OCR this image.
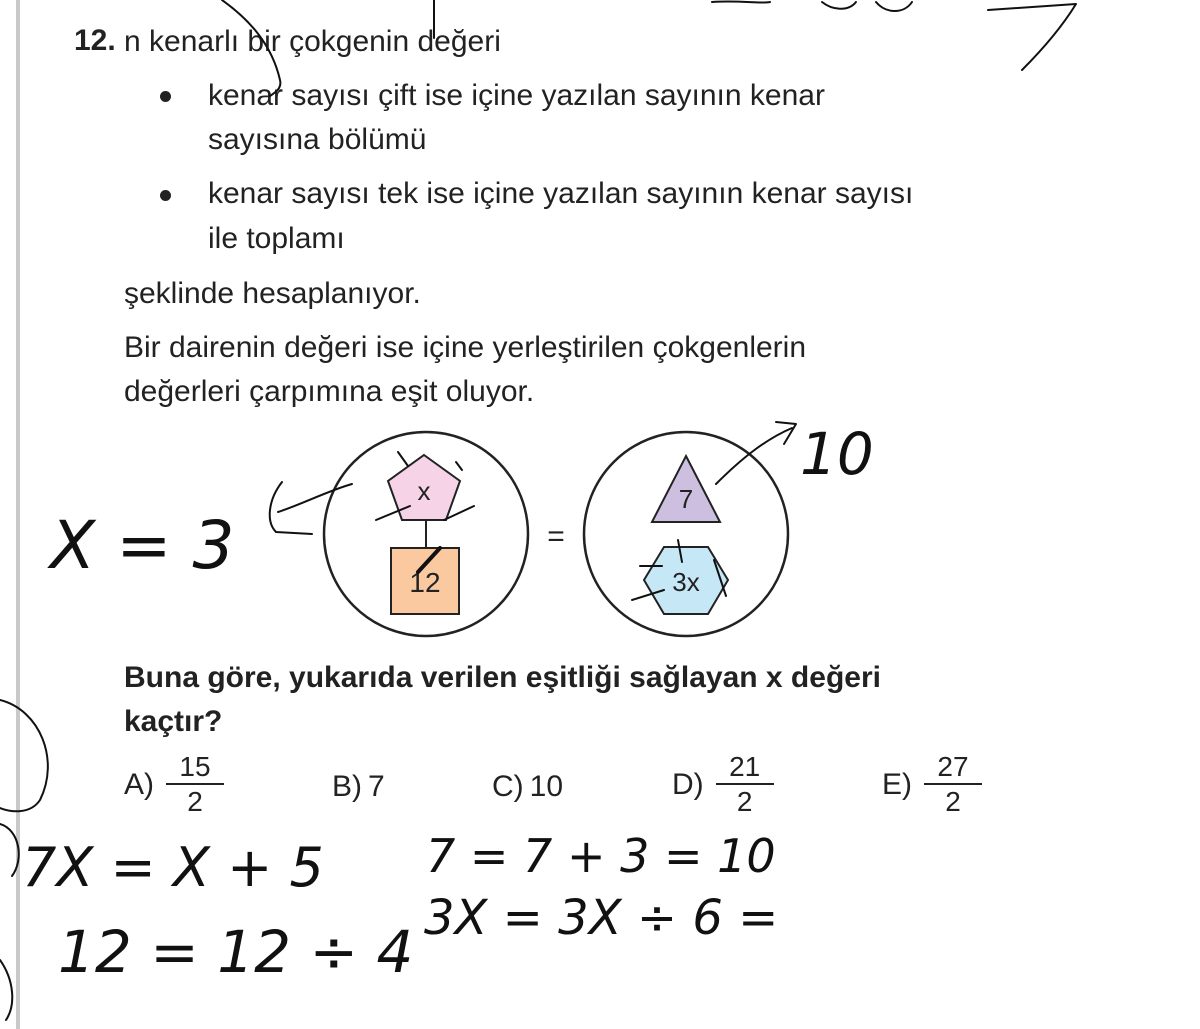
12. n kenarlı bir çokgenin değeri
kenar sayısı çift ise içine yazılan sayının kenar
sayısına bölümü
kenar sayısı tek ise içine yazılan sayının kenar sayısı
ile toplamı
şeklinde hesaplanıyor.
Bir dairenin değeri ise içine yerleştirilen çokgenlerin
değerleri çarpımına eşit oluyor.
x
12
=
7
3x
Buna göre, yukarıda verilen eşitliği sağlayan x değeri
kaçtır?
$A) \frac{15}{2}$	B) 7	C) 10	$D) \frac{21}{2}$	$E) \frac{27}{2}$
X = 3
10
7X = X + 5 7 = 7 + 3 = 10
12 = 12 ÷ 4 3X = 3X ÷ 6 =
